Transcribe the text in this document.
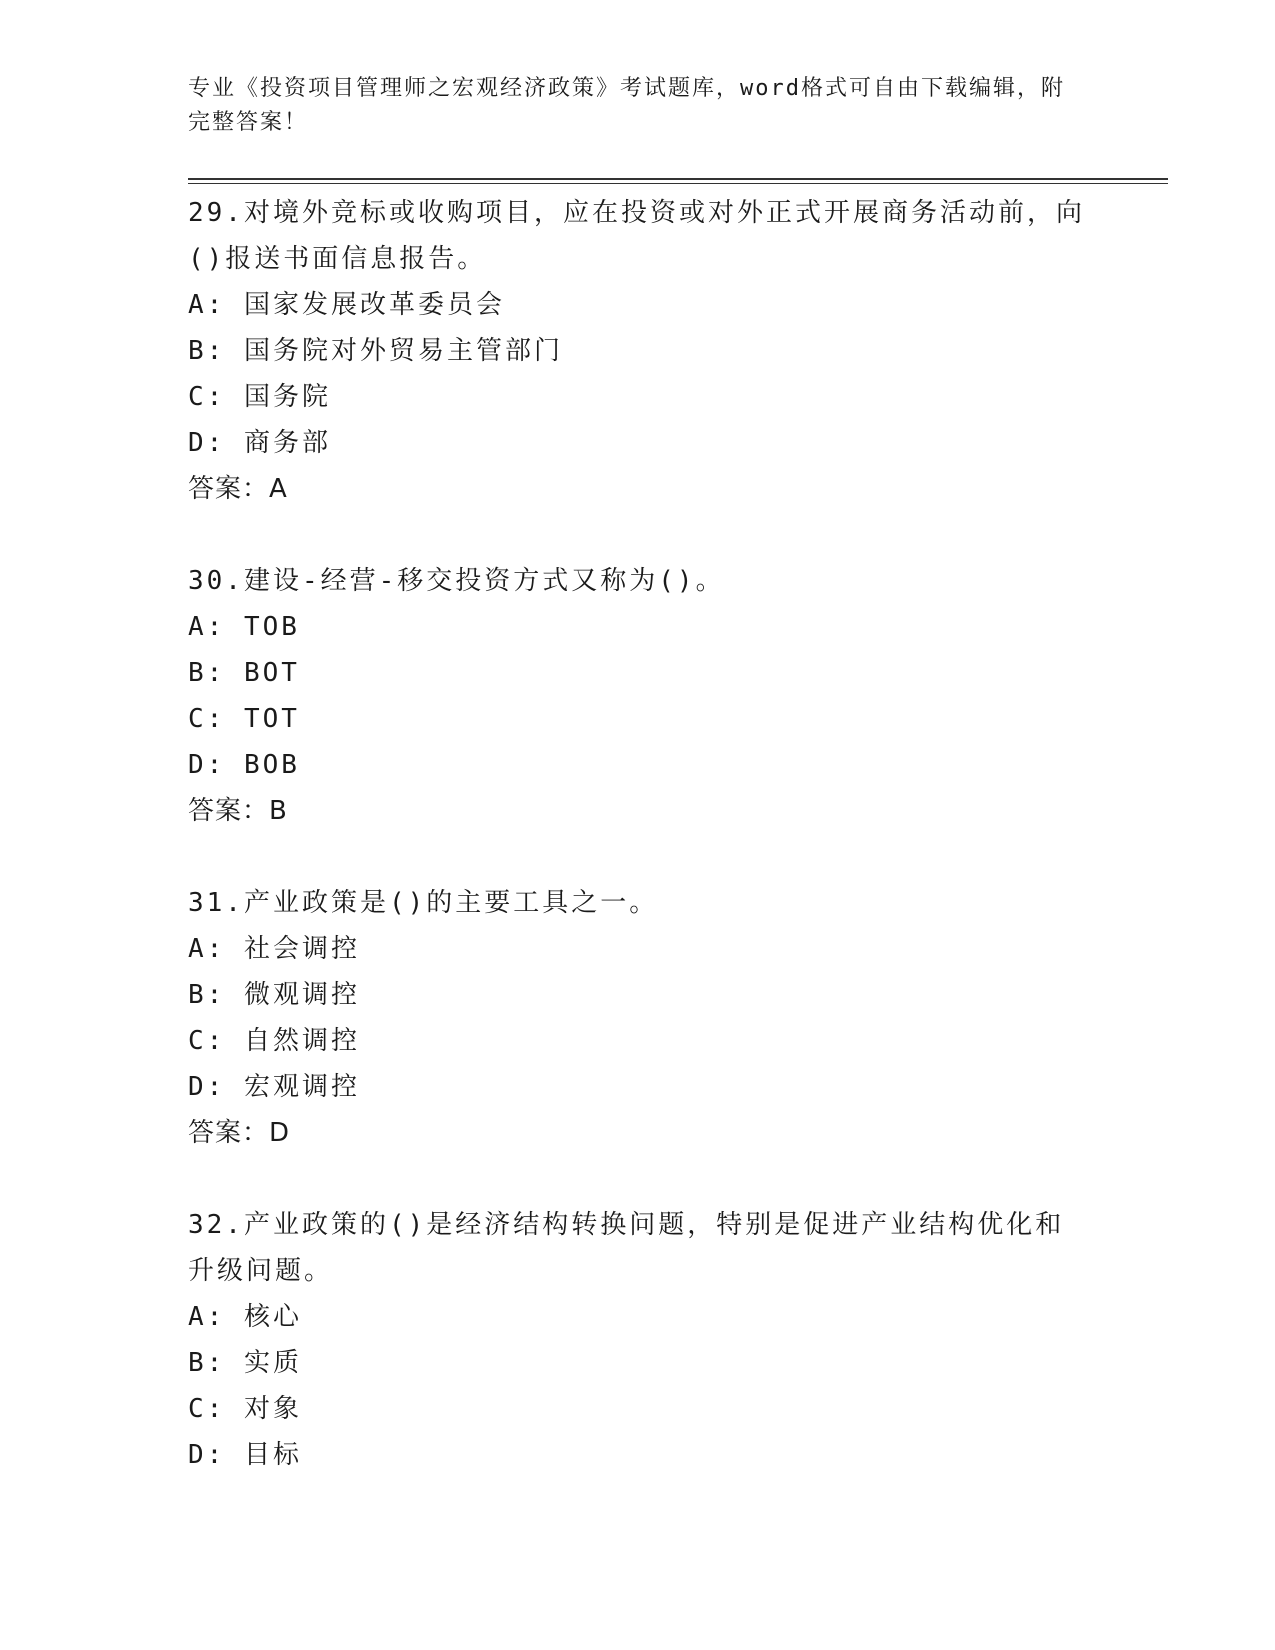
专业《投资项目管理师之宏观经济政策》考试题库，word格式可自由下载编辑，附完整答案！
29.对境外竞标或收购项目，应在投资或对外正式开展商务活动前，向()报送书面信息报告。
A: 国家发展改革委员会
B: 国务院对外贸易主管部门
C: 国务院
D: 商务部
答案：A
30.建设-经营-移交投资方式又称为()。
A: TOB
B: BOT
C: TOT
D: BOB
答案：B
31.产业政策是()的主要工具之一。
A: 社会调控
B: 微观调控
C: 自然调控
D: 宏观调控
答案：D
32.产业政策的()是经济结构转换问题，特别是促进产业结构优化和升级问题。
A: 核心
B: 实质
C: 对象
D: 目标
